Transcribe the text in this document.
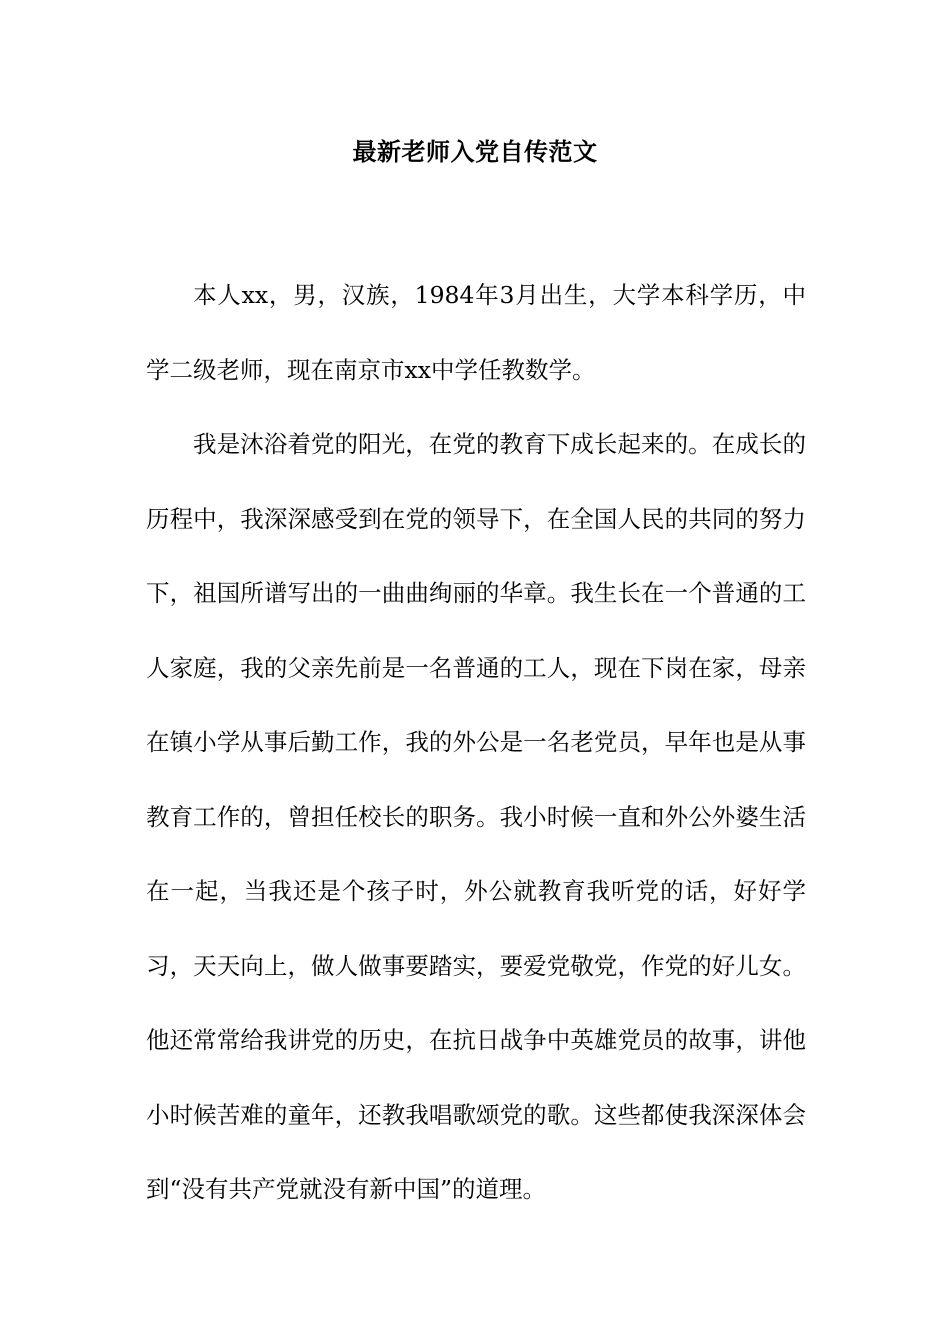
最新老师入党自传范文

本人xx，男，汉族，1984年3月出生，大学本科学历，中学二级老师，现在南京市xx中学任教数学。

我是沐浴着党的阳光，在党的教育下成长起来的。在成长的历程中，我深深感受到在党的领导下，在全国人民的共同的努力下，祖国所谱写出的一曲曲绚丽的华章。我生长在一个普通的工人家庭，我的父亲先前是一名普通的工人，现在下岗在家，母亲在镇小学从事后勤工作，我的外公是一名老党员，早年也是从事教育工作的，曾担任校长的职务。我小时候一直和外公外婆生活在一起，当我还是个孩子时，外公就教育我听党的话，好好学习，天天向上，做人做事要踏实，要爱党敬党，作党的好儿女。他还常常给我讲党的历史，在抗日战争中英雄党员的故事，讲他小时候苦难的童年，还教我唱歌颂党的歌。这些都使我深深体会到“没有共产党就没有新中国”的道理。
